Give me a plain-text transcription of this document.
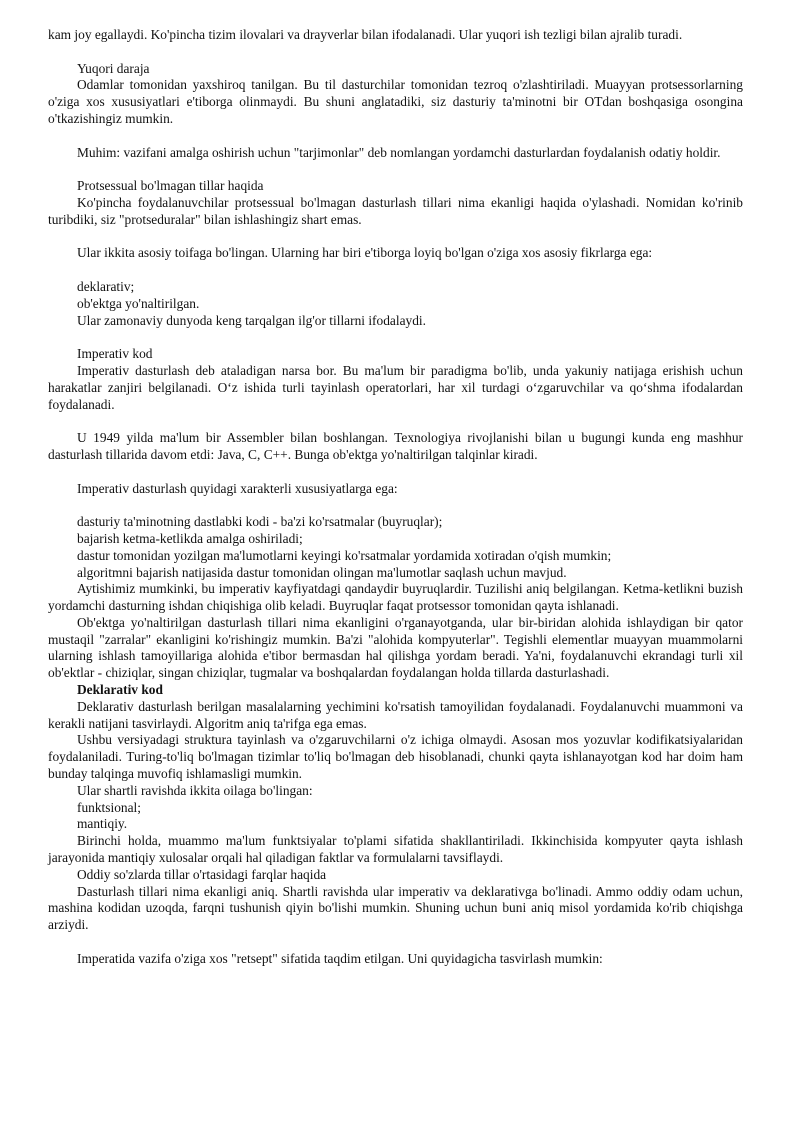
kam joy egallaydi. Ko'pincha tizim ilovalari va drayverlar bilan ifodalanadi. Ular yuqori ish tezligi bilan ajralib turadi.

Yuqori daraja

Odamlar tomonidan yaxshiroq tanilgan. Bu til dasturchilar tomonidan tezroq o'zlashtiriladi. Muayyan protsessorlarning o'ziga xos xususiyatlari e'tiborga olinmaydi. Bu shuni anglatadiki, siz dasturiy ta'minotni bir OTdan boshqasiga osongina o'tkazishingiz mumkin.

Muhim: vazifani amalga oshirish uchun "tarjimonlar" deb nomlangan yordamchi dasturlardan foydalanish odatiy holdir.

Protsessual bo'lmagan tillar haqida

Ko'pincha foydalanuvchilar protsessual bo'lmagan dasturlash tillari nima ekanligi haqida o'ylashadi. Nomidan ko'rinib turibdiki, siz "protseduralar" bilan ishlashingiz shart emas.

Ular ikkita asosiy toifaga bo'lingan. Ularning har biri e'tiborga loyiq bo'lgan o'ziga xos asosiy fikrlarga ega:

deklarativ;

ob'ektga yo'naltirilgan.

Ular zamonaviy dunyoda keng tarqalgan ilg'or tillarni ifodalaydi.

Imperativ kod

Imperativ dasturlash deb ataladigan narsa bor. Bu ma'lum bir paradigma bo'lib, unda yakuniy natijaga erishish uchun harakatlar zanjiri belgilanadi. O‘z ishida turli tayinlash operatorlari, har xil turdagi o‘zgaruvchilar va qo‘shma ifodalardan foydalanadi.

U 1949 yilda ma'lum bir Assembler bilan boshlangan. Texnologiya rivojlanishi bilan u bugungi kunda eng mashhur dasturlash tillarida davom etdi: Java, C, C++. Bunga ob'ektga yo'naltirilgan talqinlar kiradi.

Imperativ dasturlash quyidagi xarakterli xususiyatlarga ega:

dasturiy ta'minotning dastlabki kodi - ba'zi ko'rsatmalar (buyruqlar);

bajarish ketma-ketlikda amalga oshiriladi;

dastur tomonidan yozilgan ma'lumotlarni keyingi ko'rsatmalar yordamida xotiradan o'qish mumkin;

algoritmni bajarish natijasida dastur tomonidan olingan ma'lumotlar saqlash uchun mavjud.

Aytishimiz mumkinki, bu imperativ kayfiyatdagi qandaydir buyruqlardir. Tuzilishi aniq belgilangan. Ketma-ketlikni buzish yordamchi dasturning ishdan chiqishiga olib keladi. Buyruqlar faqat protsessor tomonidan qayta ishlanadi.

Ob'ektga yo'naltirilgan dasturlash tillari nima ekanligini o'rganayotganda, ular bir-biridan alohida ishlaydigan bir qator mustaqil "zarralar" ekanligini ko'rishingiz mumkin. Ba'zi "alohida kompyuterlar". Tegishli elementlar muayyan muammolarni ularning ishlash tamoyillariga alohida e'tibor bermasdan hal qilishga yordam beradi. Ya'ni, foydalanuvchi ekrandagi turli xil ob'ektlar - chiziqlar, singan chiziqlar, tugmalar va boshqalardan foydalangan holda tillarda dasturlashadi.

Deklarativ kod

Deklarativ dasturlash berilgan masalalarning yechimini ko'rsatish tamoyilidan foydalanadi. Foydalanuvchi muammoni va kerakli natijani tasvirlaydi. Algoritm aniq ta'rifga ega emas.

Ushbu versiyadagi struktura tayinlash va o'zgaruvchilarni o'z ichiga olmaydi. Asosan mos yozuvlar kodifikatsiyalaridan foydalaniladi. Turing-to'liq bo'lmagan tizimlar to'liq bo'lmagan deb hisoblanadi, chunki qayta ishlanayotgan kod har doim ham bunday talqinga muvofiq ishlamasligi mumkin.

Ular shartli ravishda ikkita oilaga bo'lingan:

funktsional;

mantiqiy.

Birinchi holda, muammo ma'lum funktsiyalar to'plami sifatida shakllantiriladi. Ikkinchisida kompyuter qayta ishlash jarayonida mantiqiy xulosalar orqali hal qiladigan faktlar va formulalarni tavsiflaydi.

Oddiy so'zlarda tillar o'rtasidagi farqlar haqida

Dasturlash tillari nima ekanligi aniq. Shartli ravishda ular imperativ va deklarativga bo'linadi. Ammo oddiy odam uchun, mashina kodidan uzoqda, farqni tushunish qiyin bo'lishi mumkin. Shuning uchun buni aniq misol yordamida ko'rib chiqishga arziydi.

Imperatida vazifa o'ziga xos "retsept" sifatida taqdim etilgan. Uni quyidagicha tasvirlash mumkin:
